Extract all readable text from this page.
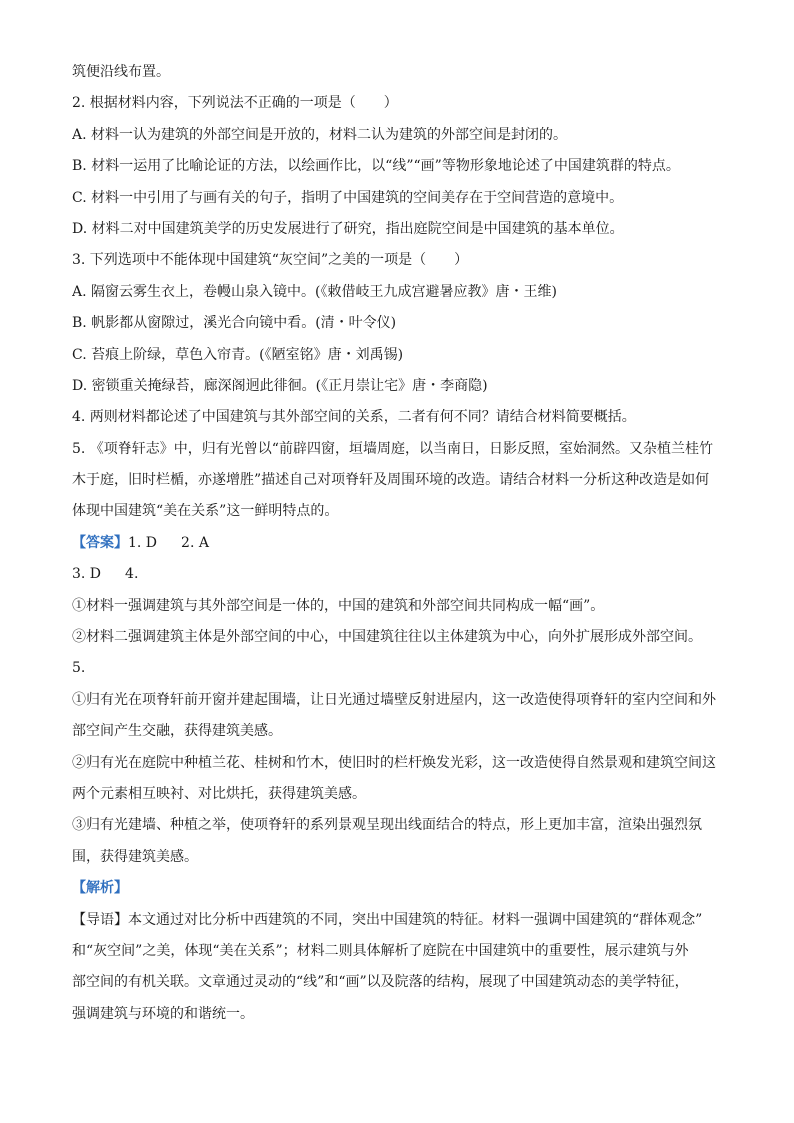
筑便沿线布置。
2. 根据材料内容，下列说法不正确的一项是（　　）
A. 材料一认为建筑的外部空间是开放的，材料二认为建筑的外部空间是封闭的。
B. 材料一运用了比喻论证的方法，以绘画作比，以“线”“画”等物形象地论述了中国建筑群的特点。
C. 材料一中引用了与画有关的句子，指明了中国建筑的空间美存在于空间营造的意境中。
D. 材料二对中国建筑美学的历史发展进行了研究，指出庭院空间是中国建筑的基本单位。
3. 下列选项中不能体现中国建筑“灰空间”之美的一项是（　　）
A. 隔窗云雾生衣上，卷幔山泉入镜中。(《敕借岐王九成宫避暑应教》唐・王维)
B. 帆影都从窗隙过，溪光合向镜中看。(清・叶令仪)
C. 苔痕上阶绿，草色入帘青。(《陋室铭》唐・刘禹锡)
D. 密锁重关掩绿苔，廊深阁迥此徘徊。(《正月崇让宅》唐・李商隐)
4. 两则材料都论述了中国建筑与其外部空间的关系，二者有何不同？请结合材料简要概括。
5. 《项脊轩志》中，归有光曾以“前辟四窗，垣墙周庭，以当南日，日影反照，室始洞然。又杂植兰桂竹
木于庭，旧时栏楯，亦遂增胜”描述自己对项脊轩及周围环境的改造。请结合材料一分析这种改造是如何
体现中国建筑“美在关系”这一鲜明特点的。
【答案】1. D 2. A
3. D 4.
①材料一强调建筑与其外部空间是一体的，中国的建筑和外部空间共同构成一幅“画”。
②材料二强调建筑主体是外部空间的中心，中国建筑往往以主体建筑为中心，向外扩展形成外部空间。
5.
①归有光在项脊轩前开窗并建起围墙，让日光通过墙壁反射进屋内，这一改造使得项脊轩的室内空间和外
部空间产生交融，获得建筑美感。
②归有光在庭院中种植兰花、桂树和竹木，使旧时的栏杆焕发光彩，这一改造使得自然景观和建筑空间这
两个元素相互映衬、对比烘托，获得建筑美感。
③归有光建墙、种植之举，使项脊轩的系列景观呈现出线面结合的特点，形上更加丰富，渲染出强烈氛
围，获得建筑美感。
【解析】
【导语】本文通过对比分析中西建筑的不同，突出中国建筑的特征。材料一强调中国建筑的“群体观念”
和“灰空间”之美，体现“美在关系”；材料二则具体解析了庭院在中国建筑中的重要性，展示建筑与外
部空间的有机关联。文章通过灵动的“线”和“画”以及院落的结构，展现了中国建筑动态的美学特征，
强调建筑与环境的和谐统一。
